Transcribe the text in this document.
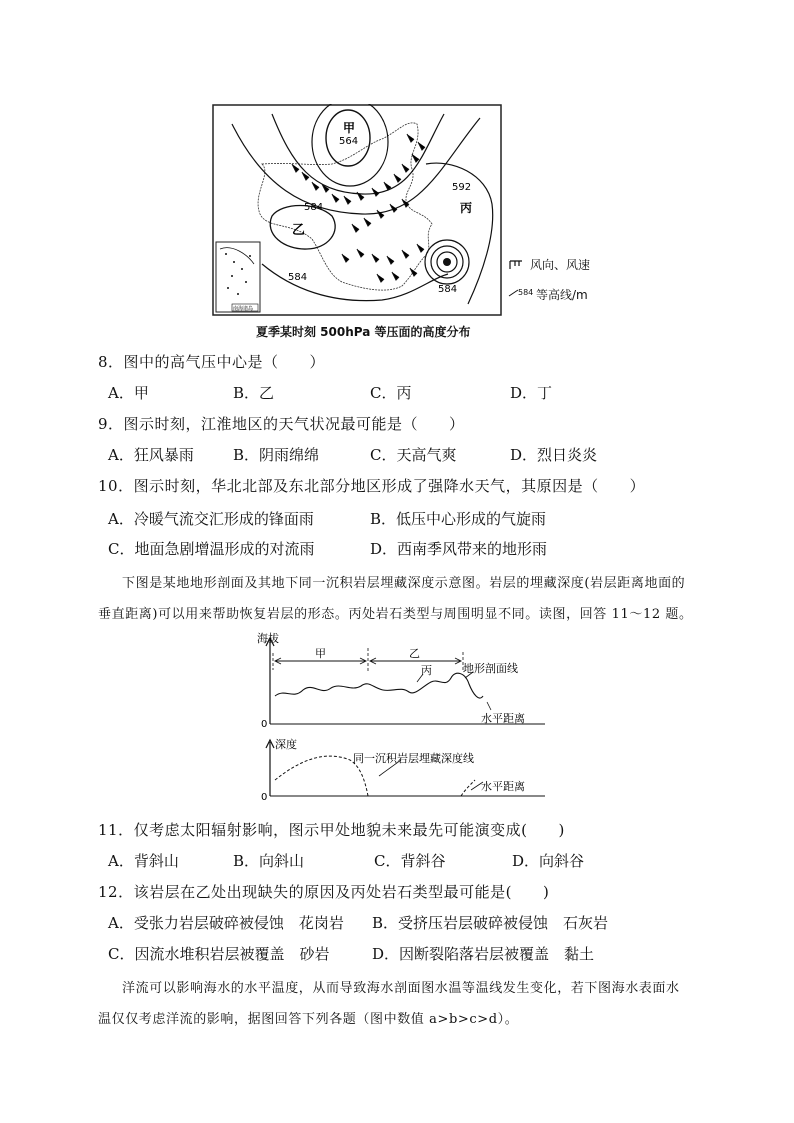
南海诸岛
甲
564
584
乙
592
丙
584
584
风向、风速
584 等高线/m
夏季某时刻 500hPa 等压面的高度分布
8．图中的高气压中心是（　　）
A．甲	B．乙	C．丙	D．丁
9．图示时刻，江淮地区的天气状况最可能是（　　）
A．狂风暴雨	B．阴雨绵绵	C．天高气爽	D．烈日炎炎
10．图示时刻，华北北部及东北部分地区形成了强降水天气，其原因是（　　）
A．冷暖气流交汇形成的锋面雨	B．低压中心形成的气旋雨
C．地面急剧增温形成的对流雨	D．西南季风带来的地形雨
下图是某地地形剖面及其地下同一沉积岩层埋藏深度示意图。岩层的埋藏深度(岩层距离地面的
垂直距离)可以用来帮助恢复岩层的形态。丙处岩石类型与周围明显不同。读图，回答 11～12 题。
海拔
甲	乙
丙	地形剖面线
水平距离
0
深度
同一沉积岩层埋藏深度线
水平距离
0
11．仅考虑太阳辐射影响，图示甲处地貌未来最先可能演变成(　　)
A．背斜山	B．向斜山	C．背斜谷	D．向斜谷
12．该岩层在乙处出现缺失的原因及丙处岩石类型最可能是(　　)
A．受张力岩层破碎被侵蚀　花岗岩 B．受挤压岩层破碎被侵蚀　石灰岩
C．因流水堆积岩层被覆盖　砂岩	D．因断裂陷落岩层被覆盖　黏土
洋流可以影响海水的水平温度，从而导致海水剖面图水温等温线发生变化，若下图海水表面水
温仅仅考虑洋流的影响，据图回答下列各题（图中数值 a>b>c>d）。
